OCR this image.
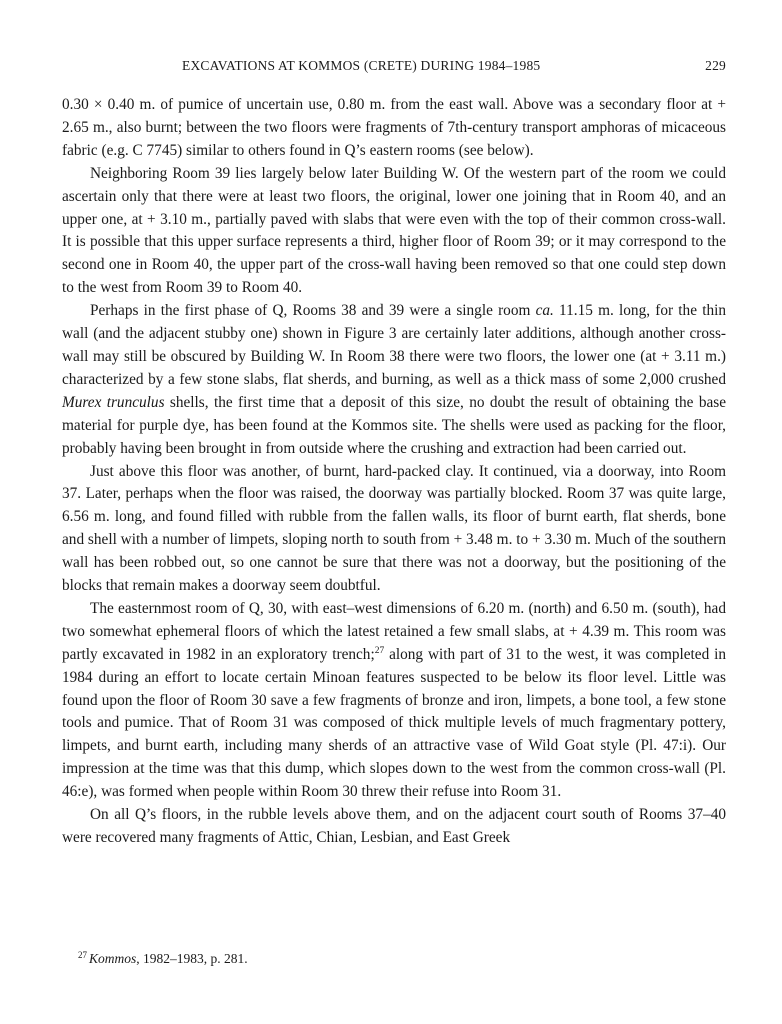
EXCAVATIONS AT KOMMOS (CRETE) DURING 1984–1985	229

0.30 × 0.40 m. of pumice of uncertain use, 0.80 m. from the east wall. Above was a secondary floor at + 2.65 m., also burnt; between the two floors were fragments of 7th-century transport amphoras of micaceous fabric (e.g. C 7745) similar to others found in Q’s eastern rooms (see below).

Neighboring Room 39 lies largely below later Building W. Of the western part of the room we could ascertain only that there were at least two floors, the original, lower one joining that in Room 40, and an upper one, at + 3.10 m., partially paved with slabs that were even with the top of their common cross-wall. It is possible that this upper surface represents a third, higher floor of Room 39; or it may correspond to the second one in Room 40, the upper part of the cross-wall having been removed so that one could step down to the west from Room 39 to Room 40.

Perhaps in the first phase of Q, Rooms 38 and 39 were a single room ca. 11.15 m. long, for the thin wall (and the adjacent stubby one) shown in Figure 3 are certainly later additions, although another cross-wall may still be obscured by Building W. In Room 38 there were two floors, the lower one (at + 3.11 m.) characterized by a few stone slabs, flat sherds, and burning, as well as a thick mass of some 2,000 crushed Murex trunculus shells, the first time that a deposit of this size, no doubt the result of obtaining the base material for purple dye, has been found at the Kommos site. The shells were used as packing for the floor, probably having been brought in from outside where the crushing and extraction had been carried out.

Just above this floor was another, of burnt, hard-packed clay. It continued, via a doorway, into Room 37. Later, perhaps when the floor was raised, the doorway was partially blocked. Room 37 was quite large, 6.56 m. long, and found filled with rubble from the fallen walls, its floor of burnt earth, flat sherds, bone and shell with a number of limpets, sloping north to south from + 3.48 m. to + 3.30 m. Much of the southern wall has been robbed out, so one cannot be sure that there was not a doorway, but the positioning of the blocks that remain makes a doorway seem doubtful.

The easternmost room of Q, 30, with east–west dimensions of 6.20 m. (north) and 6.50 m. (south), had two somewhat ephemeral floors of which the latest retained a few small slabs, at + 4.39 m. This room was partly excavated in 1982 in an exploratory trench;$^{27}$ along with part of 31 to the west, it was completed in 1984 during an effort to locate certain Minoan features suspected to be below its floor level. Little was found upon the floor of Room 30 save a few fragments of bronze and iron, limpets, a bone tool, a few stone tools and pumice. That of Room 31 was composed of thick multiple levels of much fragmentary pottery, limpets, and burnt earth, including many sherds of an attractive vase of Wild Goat style (Pl. 47:i). Our impression at the time was that this dump, which slopes down to the west from the common cross-wall (Pl. 46:e), was formed when people within Room 30 threw their refuse into Room 31.

On all Q’s floors, in the rubble levels above them, and on the adjacent court south of Rooms 37–40 were recovered many fragments of Attic, Chian, Lesbian, and East Greek

$^{27}$ Kommos, 1982–1983, p. 281.
